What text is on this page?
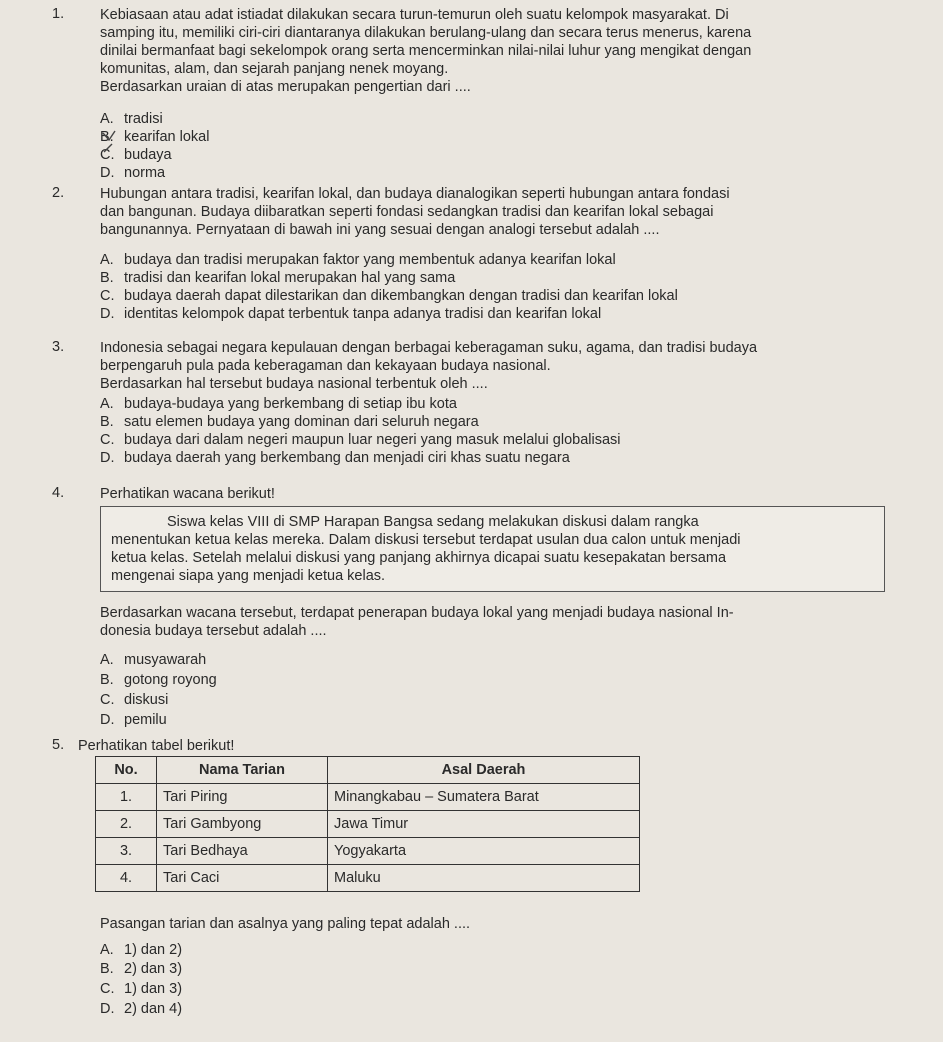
1. Kebiasaan atau adat istiadat dilakukan secara turun-temurun oleh suatu kelompok masyarakat. Di
samping itu, memiliki ciri-ciri diantaranya dilakukan berulang-ulang dan secara terus menerus, karena
dinilai bermanfaat bagi sekelompok orang serta mencerminkan nilai-nilai luhur yang mengikat dengan
komunitas, alam, dan sejarah panjang nenek moyang.
Berdasarkan uraian di atas merupakan pengertian dari ....
A. tradisi
B. kearifan lokal
C. budaya
D. norma
2. Hubungan antara tradisi, kearifan lokal, dan budaya dianalogikan seperti hubungan antara fondasi
dan bangunan. Budaya diibaratkan seperti fondasi sedangkan tradisi dan kearifan lokal sebagai
bangunannya. Pernyataan di bawah ini yang sesuai dengan analogi tersebut adalah ....
A. budaya dan tradisi merupakan faktor yang membentuk adanya kearifan lokal
B. tradisi dan kearifan lokal merupakan hal yang sama
C. budaya daerah dapat dilestarikan dan dikembangkan dengan tradisi dan kearifan lokal
D. identitas kelompok dapat terbentuk tanpa adanya tradisi dan kearifan lokal
3. Indonesia sebagai negara kepulauan dengan berbagai keberagaman suku, agama, dan tradisi budaya
berpengaruh pula pada keberagaman dan kekayaan budaya nasional.
Berdasarkan hal tersebut budaya nasional terbentuk oleh ....
A. budaya-budaya yang berkembang di setiap ibu kota
B. satu elemen budaya yang dominan dari seluruh negara
C. budaya dari dalam negeri maupun luar negeri yang masuk melalui globalisasi
D. budaya daerah yang berkembang dan menjadi ciri khas suatu negara
4. Perhatikan wacana berikut!
Siswa kelas VIII di SMP Harapan Bangsa sedang melakukan diskusi dalam rangka
menentukan ketua kelas mereka. Dalam diskusi tersebut terdapat usulan dua calon untuk menjadi
ketua kelas. Setelah melalui diskusi yang panjang akhirnya dicapai suatu kesepakatan bersama
mengenai siapa yang menjadi ketua kelas.
Berdasarkan wacana tersebut, terdapat penerapan budaya lokal yang menjadi budaya nasional In-
donesia budaya tersebut adalah ....
A. musyawarah
B. gotong royong
C. diskusi
D. pemilu
5. Perhatikan tabel berikut!
No.	Nama Tarian	Asal Daerah
1.	Tari Piring	Minangkabau – Sumatera Barat
2.	Tari Gambyong	Jawa Timur
3.	Tari Bedhaya	Yogyakarta
4.	Tari Caci	Maluku
Pasangan tarian dan asalnya yang paling tepat adalah ....
A. 1) dan 2)
B. 2) dan 3)
C. 1) dan 3)
D. 2) dan 4)
